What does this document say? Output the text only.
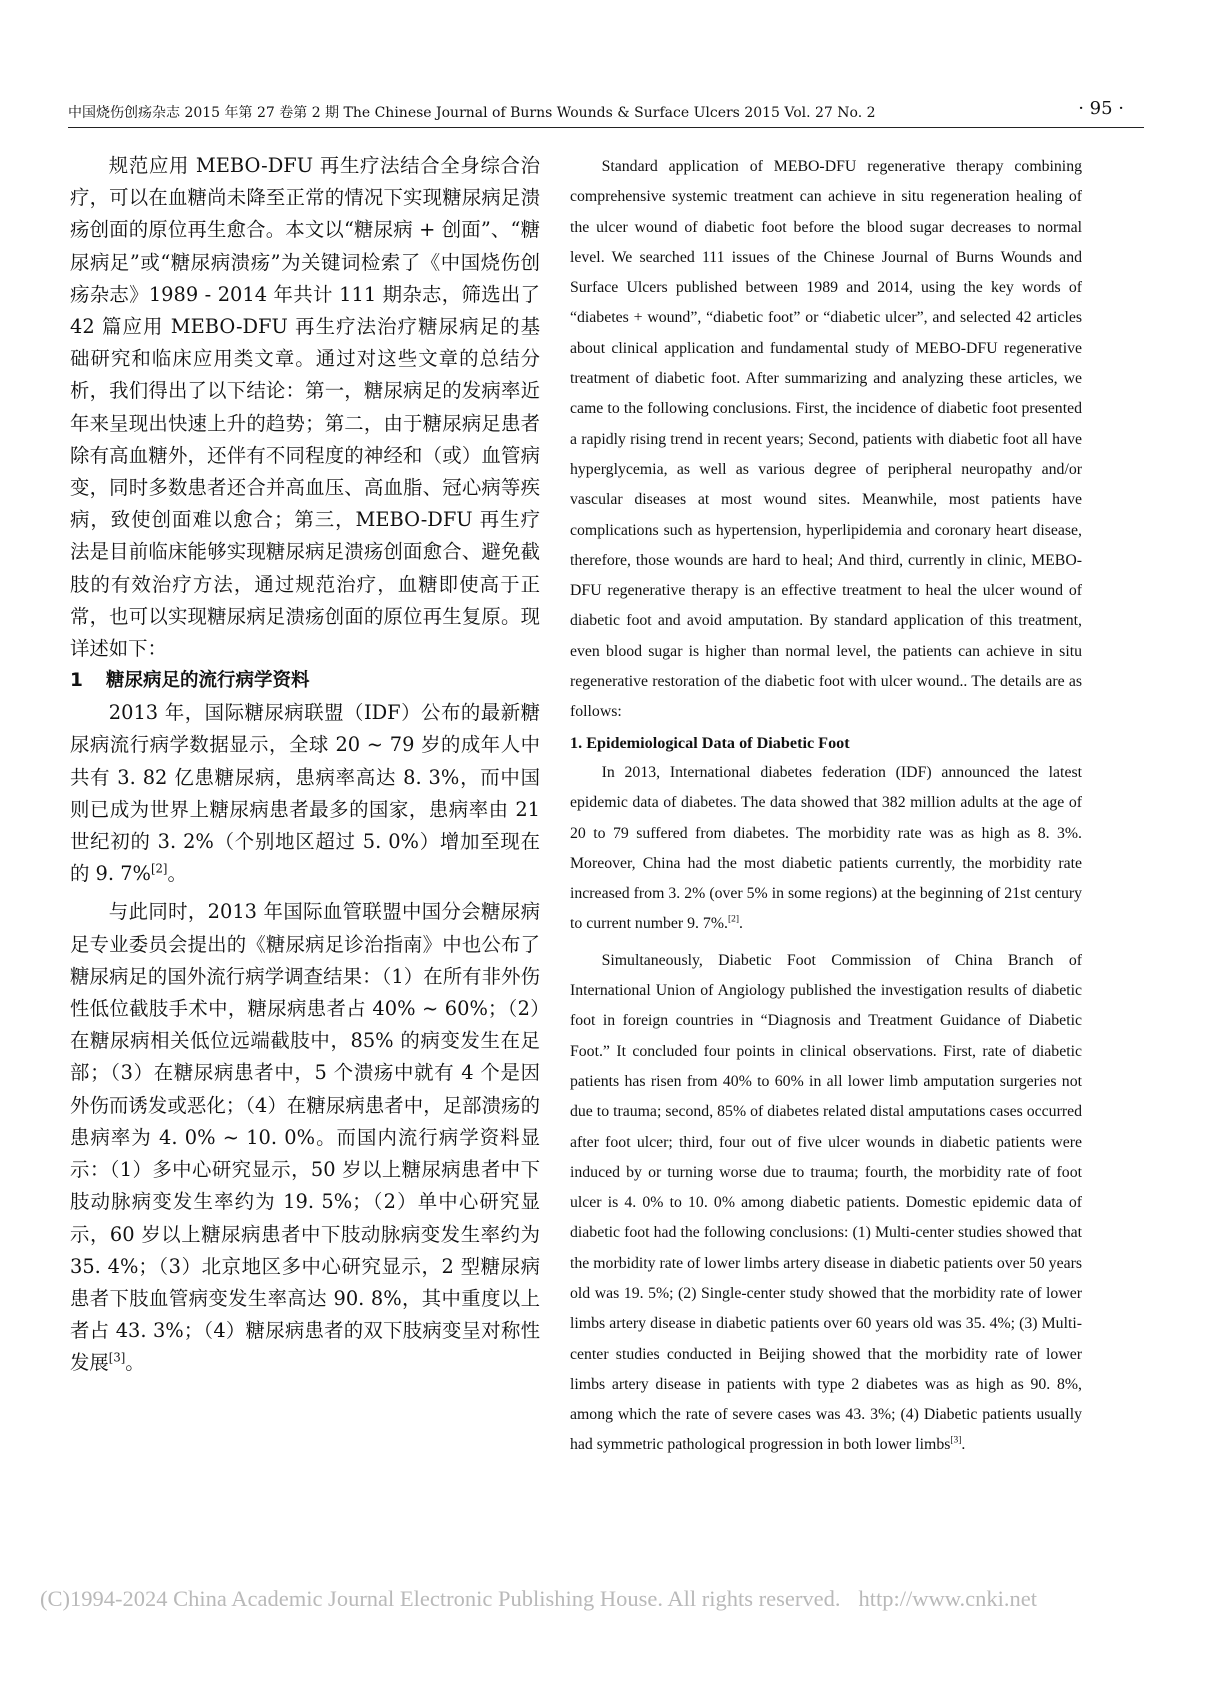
中国烧伤创疡杂志 2015 年第 27 卷第 2 期 The Chinese Journal of Burns Wounds & Surface Ulcers 2015 Vol. 27 No. 2	· 95 ·

规范应用 MEBO-DFU 再生疗法结合全身综合治疗，可以在血糖尚未降至正常的情况下实现糖尿病足溃疡创面的原位再生愈合。本文以“糖尿病 + 创面”、“糖尿病足”或“糖尿病溃疡”为关键词检索了《中国烧伤创疡杂志》1989 - 2014 年共计 111 期杂志，筛选出了 42 篇应用 MEBO-DFU 再生疗法治疗糖尿病足的基础研究和临床应用类文章。通过对这些文章的总结分析，我们得出了以下结论：第一，糖尿病足的发病率近年来呈现出快速上升的趋势；第二，由于糖尿病足患者除有高血糖外，还伴有不同程度的神经和（或）血管病变，同时多数患者还合并高血压、高血脂、冠心病等疾病，致使创面难以愈合；第三，MEBO-DFU 再生疗法是目前临床能够实现糖尿病足溃疡创面愈合、避免截肢的有效治疗方法，通过规范治疗，血糖即使高于正常，也可以实现糖尿病足溃疡创面的原位再生复原。现详述如下：

1 糖尿病足的流行病学资料

2013 年，国际糖尿病联盟（IDF）公布的最新糖尿病流行病学数据显示，全球 20 ~ 79 岁的成年人中共有 3. 82 亿患糖尿病，患病率高达 8. 3%，而中国则已成为世界上糖尿病患者最多的国家，患病率由 21 世纪初的 3. 2%（个别地区超过 5. 0%）增加至现在的 9. 7%[2]。

与此同时，2013 年国际血管联盟中国分会糖尿病足专业委员会提出的《糖尿病足诊治指南》中也公布了糖尿病足的国外流行病学调查结果：（1）在所有非外伤性低位截肢手术中，糖尿病患者占 40% ~ 60%；（2）在糖尿病相关低位远端截肢中，85% 的病变发生在足部；（3）在糖尿病患者中，5 个溃疡中就有 4 个是因外伤而诱发或恶化；（4）在糖尿病患者中，足部溃疡的患病率为 4. 0% ~ 10. 0%。而国内流行病学资料显示：（1）多中心研究显示，50 岁以上糖尿病患者中下肢动脉病变发生率约为 19. 5%；（2）单中心研究显示，60 岁以上糖尿病患者中下肢动脉病变发生率约为 35. 4%；（3）北京地区多中心研究显示，2 型糖尿病患者下肢血管病变发生率高达 90. 8%，其中重度以上者占 43. 3%；（4）糖尿病患者的双下肢病变呈对称性发展[3]。

Standard application of MEBO-DFU regenerative therapy combining comprehensive systemic treatment can achieve in situ regeneration healing of the ulcer wound of diabetic foot before the blood sugar decreases to normal level. We searched 111 issues of the Chinese Journal of Burns Wounds and Surface Ulcers published between 1989 and 2014, using the key words of “diabetes + wound”, “diabetic foot” or “diabetic ulcer”, and selected 42 articles about clinical application and fundamental study of MEBO-DFU regenerative treatment of diabetic foot. After summarizing and analyzing these articles, we came to the following conclusions. First, the incidence of diabetic foot presented a rapidly rising trend in recent years; Second, patients with diabetic foot all have hyperglycemia, as well as various degree of peripheral neuropathy and/or vascular diseases at most wound sites. Meanwhile, most patients have complications such as hypertension, hyperlipidemia and coronary heart disease, therefore, those wounds are hard to heal; And third, currently in clinic, MEBO-DFU regenerative therapy is an effective treatment to heal the ulcer wound of diabetic foot and avoid amputation. By standard application of this treatment, even blood sugar is higher than normal level, the patients can achieve in situ regenerative restoration of the diabetic foot with ulcer wound.. The details are as follows:

1. Epidemiological Data of Diabetic Foot

In 2013, International diabetes federation (IDF) announced the latest epidemic data of diabetes. The data showed that 382 million adults at the age of 20 to 79 suffered from diabetes. The morbidity rate was as high as 8. 3%. Moreover, China had the most diabetic patients currently, the morbidity rate increased from 3. 2% (over 5% in some regions) at the beginning of 21st century to current number 9. 7%.[2].

Simultaneously, Diabetic Foot Commission of China Branch of International Union of Angiology published the investigation results of diabetic foot in foreign countries in “Diagnosis and Treatment Guidance of Diabetic Foot.” It concluded four points in clinical observations. First, rate of diabetic patients has risen from 40% to 60% in all lower limb amputation surgeries not due to trauma; second, 85% of diabetes related distal amputations cases occurred after foot ulcer; third, four out of five ulcer wounds in diabetic patients were induced by or turning worse due to trauma; fourth, the morbidity rate of foot ulcer is 4. 0% to 10. 0% among diabetic patients. Domestic epidemic data of diabetic foot had the following conclusions: (1) Multi-center studies showed that the morbidity rate of lower limbs artery disease in diabetic patients over 50 years old was 19. 5%; (2) Single-center study showed that the morbidity rate of lower limbs artery disease in diabetic patients over 60 years old was 35. 4%; (3) Multi-center studies conducted in Beijing showed that the morbidity rate of lower limbs artery disease in patients with type 2 diabetes was as high as 90. 8%, among which the rate of severe cases was 43. 3%; (4) Diabetic patients usually had symmetric pathological progression in both lower limbs[3].

(C)1994-2024 China Academic Journal Electronic Publishing House. All rights reserved. http://www.cnki.net
